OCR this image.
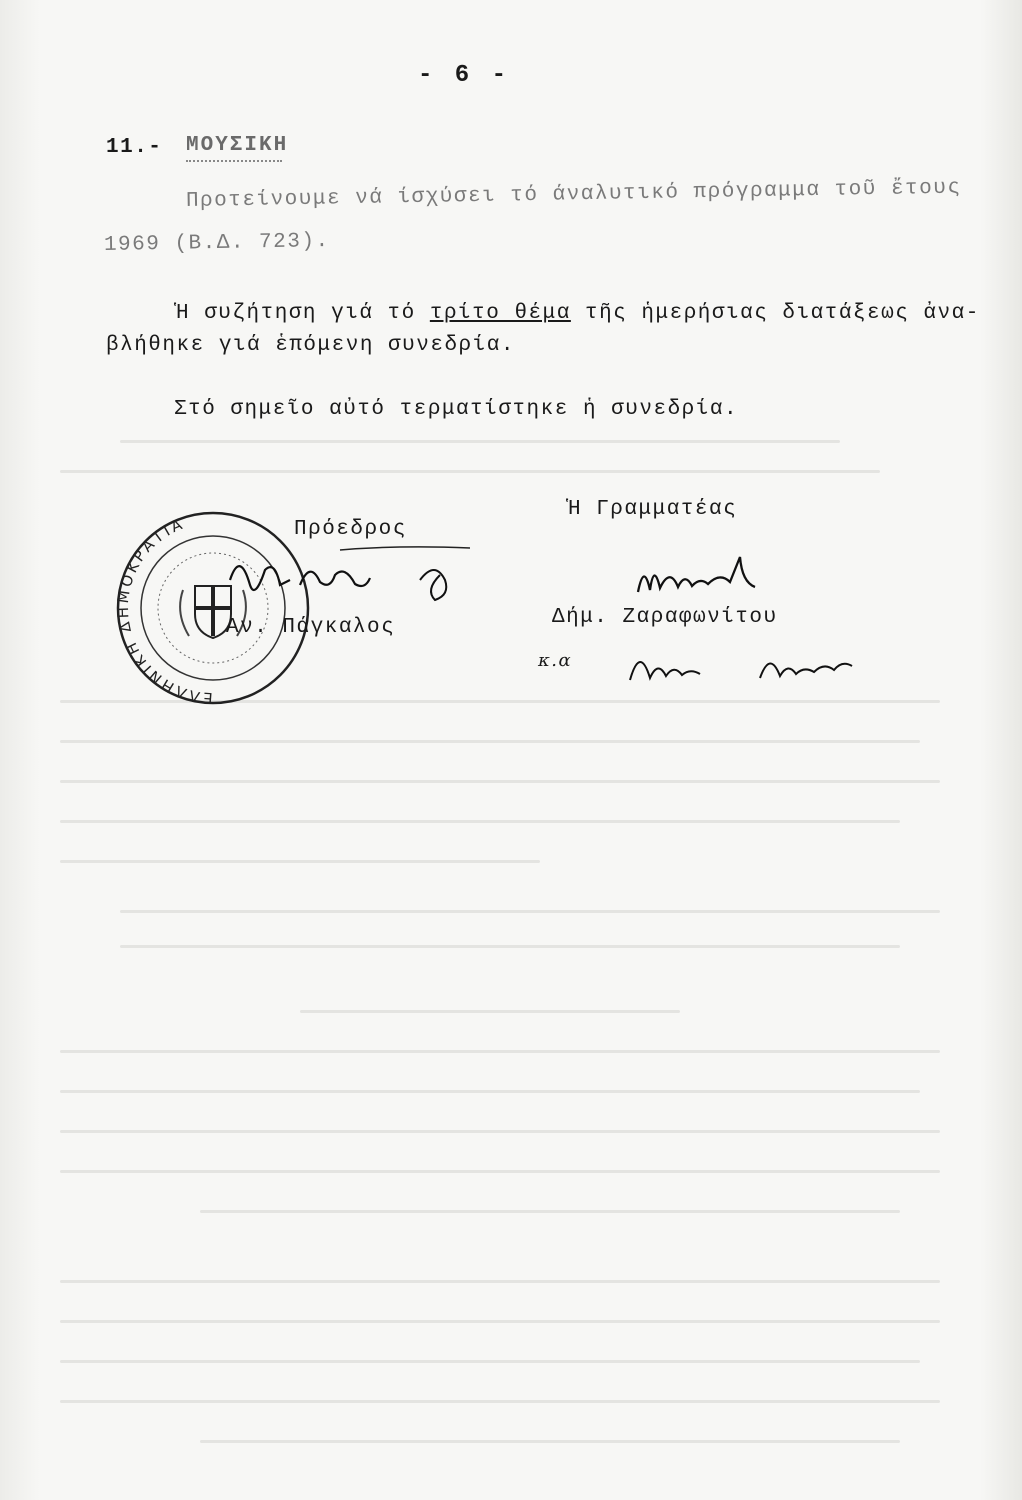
- 6 -
11.- ΜΟΥΣΙΚΗ
Προτείνουμε νά ίσχύσει τό άναλυτικό πρόγραμμα τοῦ ἔτους
1969 (Β.Δ. 723).
Ἡ συζήτηση γιά τό τρίτο θέμα τῆς ἡμερήσιας διατάξεως ἀνα-
βλήθηκε γιά ἑπόμενη συνεδρία.
Στό σημεῖο αὐτό τερματίστηκε ἡ συνεδρία.
Ἡ Γραμματέας
ΕΛΛΗΝΙΚΗ ΔΗΜΟΚΡΑΤΙΑ	Πρόεδρος
Αν. Πάγκαλος	Δήμ. Ζαραφωνίτου
κ.α
